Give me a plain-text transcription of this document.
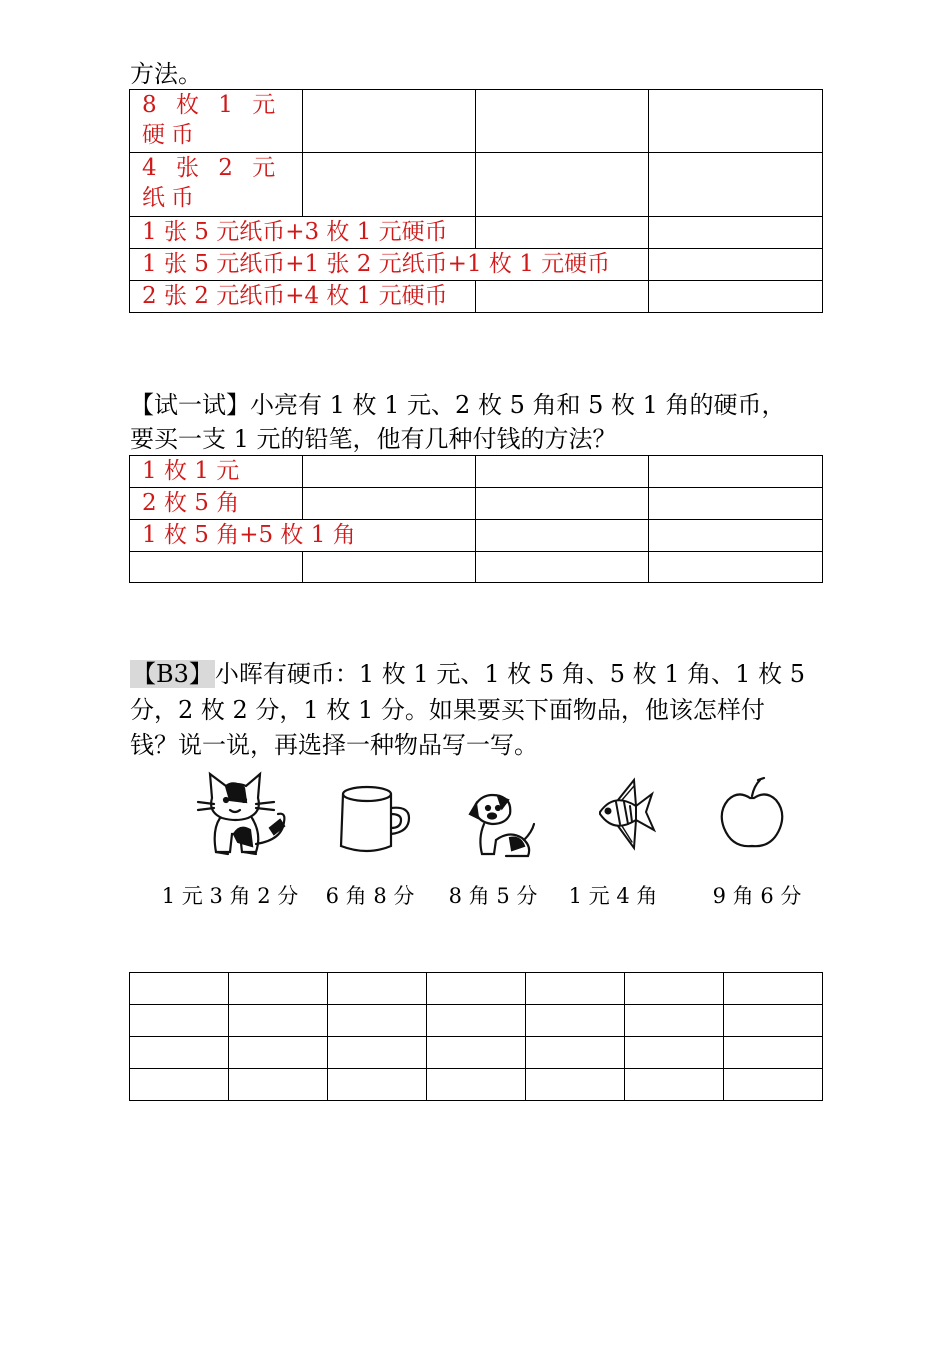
方法。
8 枚 1 元硬币			
4 张 2 元纸币			
1 张 5 元纸币+3 枚 1 元硬币			
1 张 5 元纸币+1 张 2 元纸币+1 枚 1 元硬币			
2 张 2 元纸币+4 枚 1 元硬币			
【试一试】小亮有 1 枚 1 元、2 枚 5 角和 5 枚 1 角的硬币，
要买一支 1 元的铅笔，他有几种付钱的方法？
1 枚 1 元			
2 枚 5 角			
1 枚 5 角+5 枚 1 角			

【B3】小晖有硬币：1 枚 1 元、1 枚 5 角、5 枚 1 角、1 枚 5
分，2 枚 2 分，1 枚 1 分。如果要买下面物品，他该怎样付
钱？说一说，再选择一种物品写一写。
1 元 3 角 2 分	6 角 8 分	8 角 5 分	1 元 4 角	9 角 6 分
